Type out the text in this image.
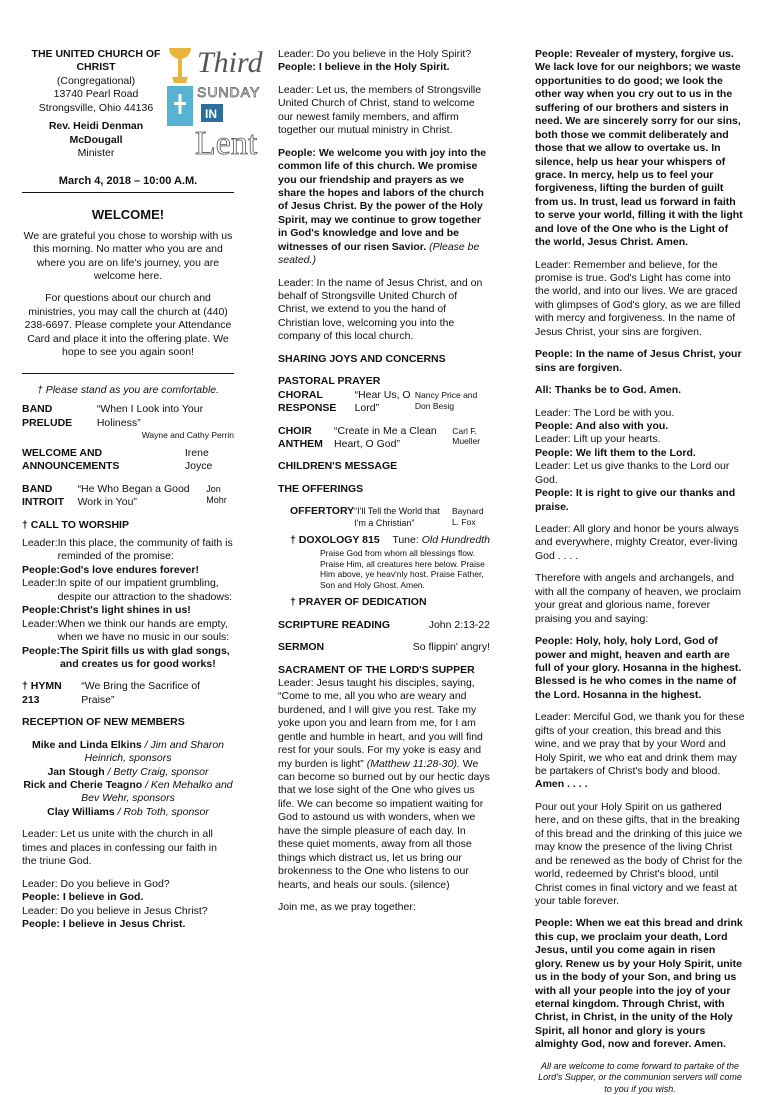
THE UNITED CHURCH OF CHRIST
(Congregational)
13740 Pearl Road
Strongsville, Ohio 44136
Rev. Heidi Denman McDougall
Minister
Third
SUNDAY
IN
Lent
March 4, 2018 – 10:00 A.M.
WELCOME!

We are grateful you chose to worship with us this morning. No matter who you are and where you are on life's journey, you are welcome here.

For questions about our church and ministries, you may call the church at (440) 238-6697. Please complete your Attendance Card and place it into the offering plate. We hope to see you again soon!

† Please stand as you are comfortable.

BAND PRELUDE
“When I Look into Your Holiness”
Wayne and Cathy Perrin
WELCOME AND ANNOUNCEMENTS
Irene Joyce
BAND INTROIT
“He Who Began a Good Work in You”
Jon Mohr
† CALL TO WORSHIP
Leader: In this place, the community of faith is reminded of the promise:
People: God's love endures forever!
Leader: In spite of our impatient grumbling, despite our attraction to the shadows:
People: Christ's light shines in us!
Leader: When we think our hands are empty, when we have no music in our souls:
People: The Spirit fills us with glad songs, and creates us for good works!
† HYMN 213
“We Bring the Sacrifice of Praise”
RECEPTION OF NEW MEMBERS
Mike and Linda Elkins / Jim and Sharon Heinrich, sponsors
Jan Stough / Betty Craig, sponsor
Rick and Cherie Teagno / Ken Mehalko and Bev Wehr, sponsors
Clay Williams / Rob Toth, sponsor

Leader: Let us unite with the church in all times and places in confessing our faith in the triune God.

Leader: Do you believe in God?

People: I believe in God.

Leader: Do you believe in Jesus Christ?

People: I believe in Jesus Christ.

Leader: Do you believe in the Holy Spirit?

People: I believe in the Holy Spirit.

Leader: Let us, the members of Strongsville United Church of Christ, stand to welcome our newest family members, and affirm together our mutual ministry in Christ.

People: We welcome you with joy into the common life of this church. We promise you our friendship and prayers as we share the hopes and labors of the church of Jesus Christ. By the power of the Holy Spirit, may we continue to grow together in God's knowledge and love and be witnesses of our risen Savior. (Please be seated.)

Leader: In the name of Jesus Christ, and on behalf of Strongsville United Church of Christ, we extend to you the hand of Christian love, welcoming you into the company of this local church.

SHARING JOYS AND CONCERNS
PASTORAL PRAYER
CHORAL RESPONSE
“Hear Us, O Lord”
Nancy Price and Don Besig
CHOIR ANTHEM
“Create in Me a Clean Heart, O God”
Carl F. Mueller
CHILDREN'S MESSAGE
THE OFFERINGS
OFFERTORY “I'll Tell the World that I'm a Christian”
Baynard L. Fox
† DOXOLOGY 815 Tune: Old Hundredth

Praise God from whom all blessings flow. Praise Him, all creatures here below. Praise Him above, ye heav'nly host. Praise Father, Son and Holy Ghost. Amen.

† PRAYER OF DEDICATION
SCRIPTURE READING	John 2:13-22
SERMON	So flippin' angry!
SACRAMENT OF THE LORD'S SUPPER

Leader: Jesus taught his disciples, saying, “Come to me, all you who are weary and burdened, and I will give you rest. Take my yoke upon you and learn from me, for I am gentle and humble in heart, and you will find rest for your souls. For my yoke is easy and my burden is light” (Matthew 11:28-30). We can become so burned out by our hectic days that we lose sight of the One who gives us life. We can become so impatient waiting for God to astound us with wonders, when we have the simple pleasure of each day. In these quiet moments, away from all those things which distract us, let us bring our brokenness to the One who listens to our hearts, and heals our souls. (silence)

Join me, as we pray together:

People: Revealer of mystery, forgive us. We lack love for our neighbors; we waste opportunities to do good; we look the other way when you cry out to us in the suffering of our brothers and sisters in need. We are sincerely sorry for our sins, both those we commit deliberately and those that we allow to overtake us. In silence, help us hear your whispers of grace. In mercy, help us to feel your forgiveness, lifting the burden of guilt from us. In trust, lead us forward in faith to serve your world, filling it with the light and love of the One who is the Light of the world, Jesus Christ. Amen.

Leader: Remember and believe, for the promise is true. God's Light has come into the world, and into our lives. We are graced with glimpses of God's glory, as we are filled with mercy and forgiveness. In the name of Jesus Christ, your sins are forgiven.

People: In the name of Jesus Christ, your sins are forgiven.

All: Thanks be to God. Amen.

Leader: The Lord be with you.

People: And also with you.

Leader: Lift up your hearts.

People: We lift them to the Lord.

Leader: Let us give thanks to the Lord our God.

People: It is right to give our thanks and praise.

Leader: All glory and honor be yours always and everywhere, mighty Creator, ever-living God . . . .

Therefore with angels and archangels, and with all the company of heaven, we proclaim your great and glorious name, forever praising you and saying:

People: Holy, holy, holy Lord, God of power and might, heaven and earth are full of your glory. Hosanna in the highest. Blessed is he who comes in the name of the Lord. Hosanna in the highest.

Leader: Merciful God, we thank you for these gifts of your creation, this bread and this wine, and we pray that by your Word and Holy Spirit, we who eat and drink them may be partakers of Christ's body and blood. Amen . . . .

Pour out your Holy Spirit on us gathered here, and on these gifts, that in the breaking of this bread and the drinking of this juice we may know the presence of the living Christ and be renewed as the body of Christ for the world, redeemed by Christ's blood, until Christ comes in final victory and we feast at your table forever.

People: When we eat this bread and drink this cup, we proclaim your death, Lord Jesus, until you come again in risen glory. Renew us by your Holy Spirit, unite us in the body of your Son, and bring us with all your people into the joy of your eternal kingdom. Through Christ, with Christ, in Christ, in the unity of the Holy Spirit, all honor and glory is yours almighty God, now and forever. Amen.

All are welcome to come forward to partake of the Lord's Supper, or the communion servers will come to you if you wish.
